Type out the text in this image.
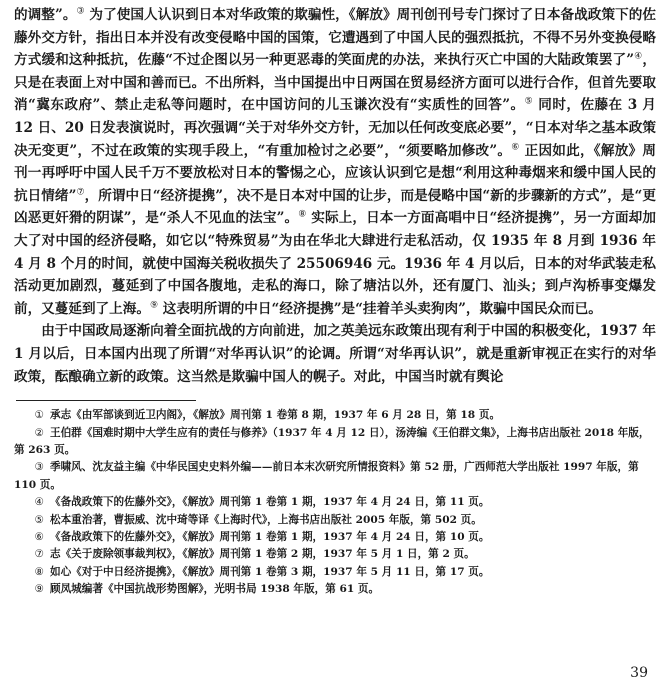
的调整”。③ 为了使国人认识到日本对华政策的欺骗性，《解放》周刊创刊号专门探讨了日本备战政策下的佐藤外交方针，指出日本并没有改变侵略中国的国策，它遭遇到了中国人民的强烈抵抗，不得不另外变换侵略方式缓和这种抵抗，佐藤“不过企图以另一种更恶毒的笑面虎的办法，来执行灭亡中国的大陆政策罢了”④，只是在表面上对中国和善而已。不出所料，当中国提出中日两国在贸易经济方面可以进行合作，但首先要取消“冀东政府”、禁止走私等问题时，在中国访问的儿玉谦次没有“实质性的回答”。⑤ 同时，佐藤在 3 月 12 日、20 日发表演说时，再次强调“关于对华外交方针，无加以任何改变底必要”，“日本对华之基本政策决无变更”，不过在政策的实现手段上，“有重加检讨之必要”，“须要略加修改”。⑥ 正因如此，《解放》周刊一再呼吁中国人民千万不要放松对日本的警惕之心，应该认识到它是想“利用这种毒烟来和缓中国人民的抗日情绪”⑦，所谓中日“经济提携”，决不是日本对中国的让步，而是侵略中国“新的步骤新的方式”，是“更凶恶更奸猾的阴谋”，是“杀人不见血的法宝”。⑧ 实际上，日本一方面高唱中日“经济提携”，另一方面却加大了对中国的经济侵略，如它以“特殊贸易”为由在华北大肆进行走私活动，仅 1935 年 8 月到 1936 年 4 月 8 个月的时间，就使中国海关税收损失了 25506946 元。1936 年 4 月以后，日本的对华武装走私活动更加剧烈，蔓延到了中国各腹地，走私的海口，除了塘沽以外，还有厦门、汕头；到卢沟桥事变爆发前，又蔓延到了上海。⑨ 这表明所谓的中日“经济提携”是“挂着羊头卖狗肉”，欺骗中国民众而已。

由于中国政局逐渐向着全面抗战的方向前进，加之英美远东政策出现有利于中国的积极变化，1937 年 1 月以后，日本国内出现了所谓“对华再认识”的论调。所谓“对华再认识”，就是重新审视正在实行的对华政策，酝酿确立新的政策。这当然是欺骗中国人的幌子。对此，中国当时就有舆论

① 承志《由军部谈到近卫内阁》，《解放》周刊第 1 卷第 8 期，1937 年 6 月 28 日，第 18 页。
② 王伯群《国难时期中大学生应有的责任与修养》（1937 年 4 月 12 日），汤涛编《王伯群文集》，上海书店出版社 2018 年版，第 263 页。
③ 季啸风、沈友益主编《中华民国史史料外编——前日本末次研究所情报资料》第 52 册，广西师范大学出版社 1997 年版，第 110 页。
④ 《备战政策下的佐藤外交》，《解放》周刊第 1 卷第 1 期，1937 年 4 月 24 日，第 11 页。
⑤ 松本重治著，曹振威、沈中琦等译《上海时代》，上海书店出版社 2005 年版，第 502 页。
⑥ 《备战政策下的佐藤外交》，《解放》周刊第 1 卷第 1 期，1937 年 4 月 24 日，第 10 页。
⑦ 志《关于废除领事裁判权》，《解放》周刊第 1 卷第 2 期，1937 年 5 月 1 日，第 2 页。
⑧ 如心《对于中日经济提携》，《解放》周刊第 1 卷第 3 期，1937 年 5 月 11 日，第 17 页。
⑨ 顾凤城编著《中国抗战形势图解》，光明书局 1938 年版，第 61 页。
39
